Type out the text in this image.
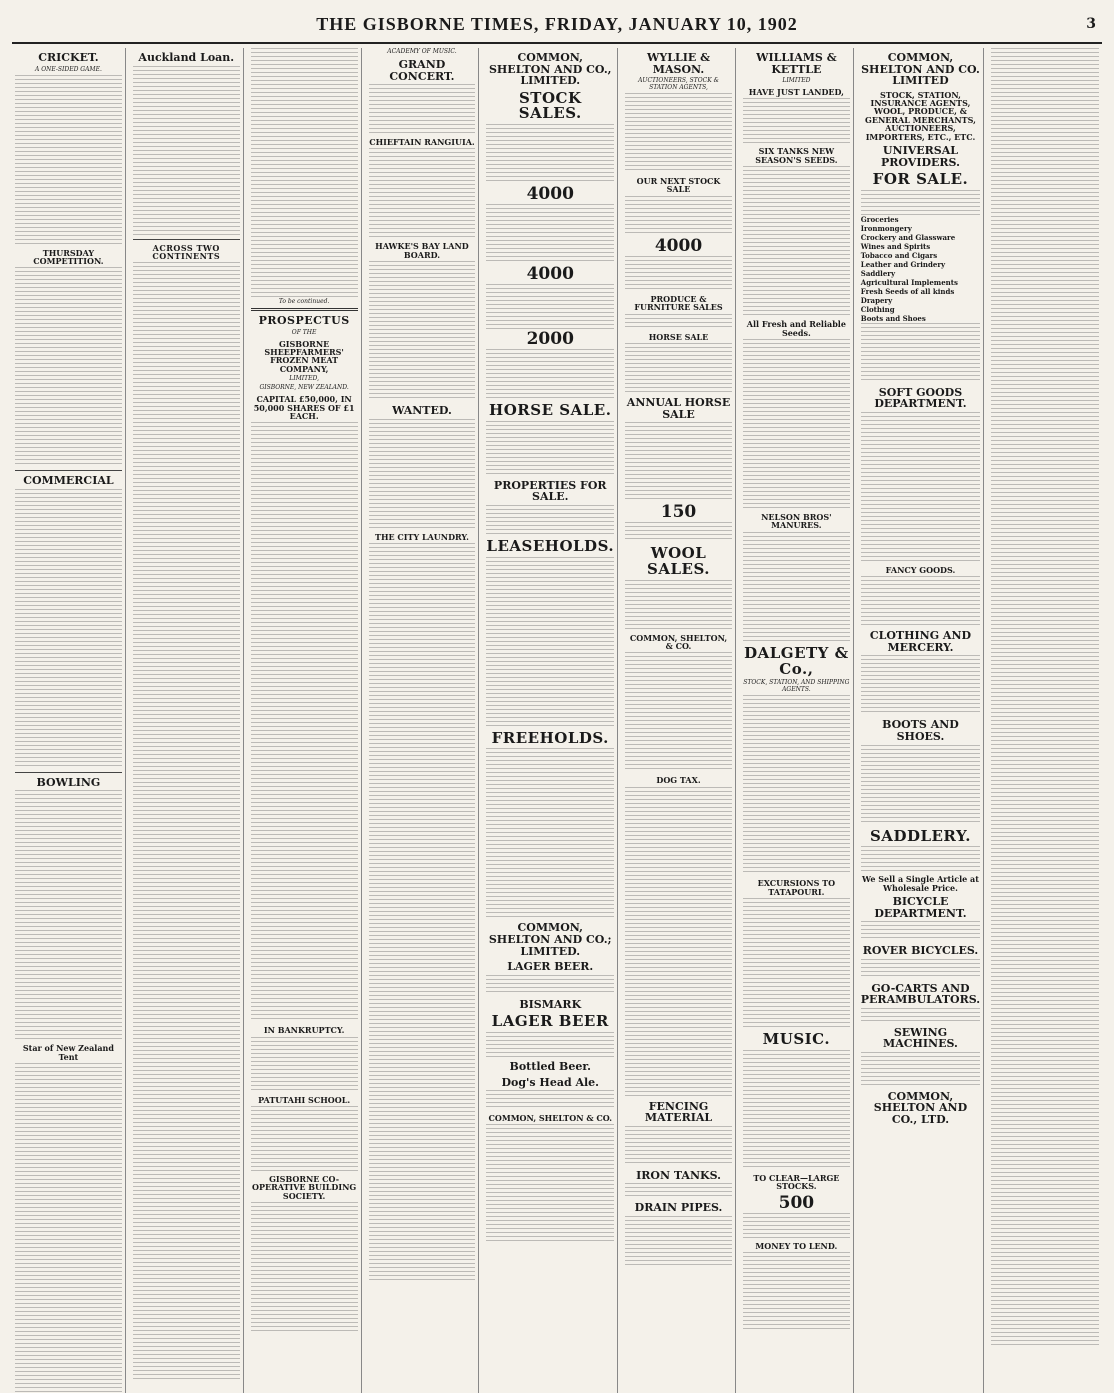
THE GISBORNE TIMES, FRIDAY, JANUARY 10, 1902	3
CRICKET.
A ONE-SIDED GAME.
THURSDAY COMPETITION.
COMMERCIAL
BOWLING
Star of New Zealand Tent
Auckland Loan.
ACROSS TWO CONTINENTS
To be continued.
PROSPECTUS
OF THE
GISBORNE SHEEPFARMERS' FROZEN MEAT COMPANY,
LIMITED,
GISBORNE, NEW ZEALAND.
CAPITAL £50,000, IN 50,000 SHARES OF £1 EACH.
IN BANKRUPTCY.
PATUTAHI SCHOOL.
GISBORNE CO-OPERATIVE BUILDING SOCIETY.
ACADEMY OF MUSIC.
GRAND CONCERT.
CHIEFTAIN RANGIUIA.
HAWKE'S BAY LAND BOARD.
WANTED.
THE CITY LAUNDRY.
COMMON, SHELTON AND CO., LIMITED.
STOCK SALES.
4000
4000
2000
HORSE SALE.
PROPERTIES FOR SALE.
LEASEHOLDS.
FREEHOLDS.
COMMON, SHELTON AND CO.; LIMITED.
LAGER BEER.
BISMARK
LAGER BEER
Bottled Beer.
Dog's Head Ale.
COMMON, SHELTON & CO.
WYLLIE & MASON.
AUCTIONEERS, STOCK & STATION AGENTS,
OUR NEXT STOCK SALE
4000
PRODUCE & FURNITURE SALES
HORSE SALE
ANNUAL HORSE SALE
150
WOOL SALES.
COMMON, SHELTON, & CO.
DOG TAX.
FENCING MATERIAL
IRON TANKS.
DRAIN PIPES.
WILLIAMS & KETTLE
LIMITED
HAVE JUST LANDED,
SIX TANKS NEW SEASON'S SEEDS.
All Fresh and Reliable Seeds.
NELSON BROS' MANURES.
DALGETY & Co.,
STOCK, STATION, AND SHIPPING AGENTS.
EXCURSIONS TO TATAPOURI.
MUSIC.
TO CLEAR—LARGE STOCKS.
500
MONEY TO LEND.
COMMON, SHELTON AND CO. LIMITED
STOCK, STATION, INSURANCE AGENTS, WOOL, PRODUCE, & GENERAL MERCHANTS, AUCTIONEERS, IMPORTERS, ETC., ETC.
UNIVERSAL PROVIDERS.
FOR SALE.
Groceries
Ironmongery
Crockery and Glassware
Wines and Spirits
Tobacco and Cigars
Leather and Grindery
Saddlery
Agricultural Implements
Fresh Seeds of all kinds
Drapery
Clothing
Boots and Shoes
SOFT GOODS DEPARTMENT.
FANCY GOODS.
CLOTHING AND MERCERY.
BOOTS AND SHOES.
SADDLERY.
We Sell a Single Article at Wholesale Price.
BICYCLE DEPARTMENT.
ROVER BICYCLES.
GO-CARTS AND PERAMBULATORS.
SEWING MACHINES.
COMMON, SHELTON AND CO., LTD.
